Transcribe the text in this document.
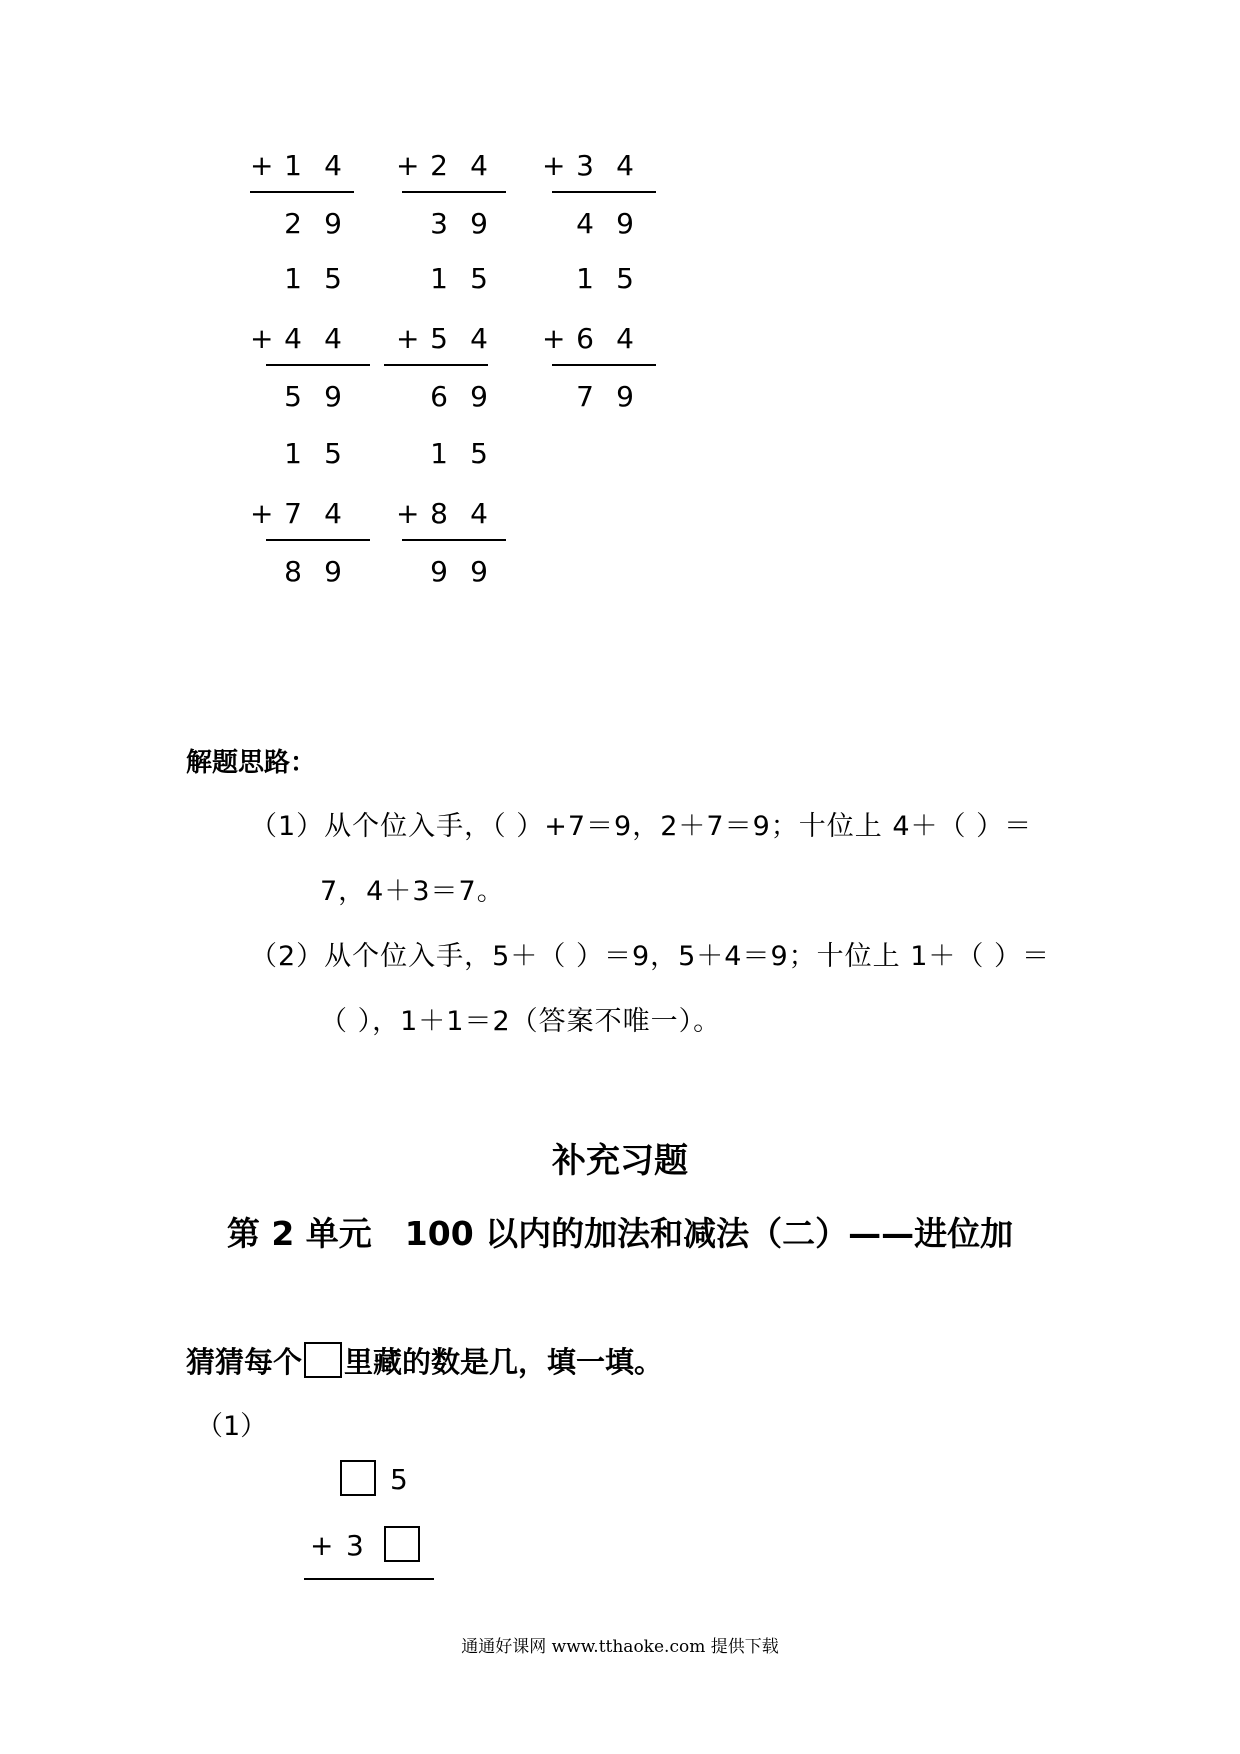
+ 1 4
2 9
+ 2 4
3 9
+ 3 4
4 9
1 5
+ 4 4
5 9
1 5
+ 5 4
6 9
1 5
+ 6 4
7 9
1 5
+ 7 4
8 9
1 5
+ 8 4
9 9
解题思路：
（1）从个位入手，（ ）+7＝9，2＋7＝9；十位上 4＋（ ）＝
7，4＋3＝7。
（2）从个位入手，5＋（ ）＝9，5＋4＝9；十位上 1＋（ ）＝
（ ），1＋1＝2（答案不唯一）。
补充习题
第 2 单元　100 以内的加法和减法（二）——进位加
猜猜每个 里藏的数是几，填一填。
（1）
5
+ 3
通通好课网 www.tthaoke.com 提供下载
